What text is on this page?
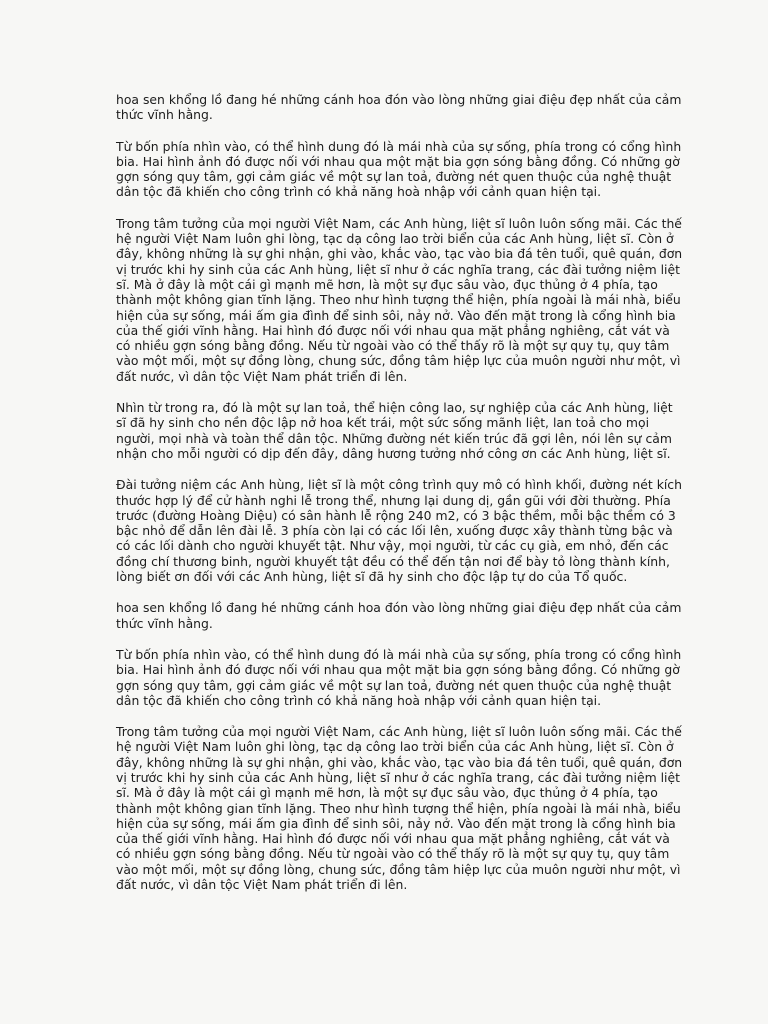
hoa sen khổng lồ đang hé những cánh hoa đón vào lòng những giai điệu đẹp nhất của cảm thức vĩnh hằng.

Từ bốn phía nhìn vào, có thể hình dung đó là mái nhà của sự sống, phía trong có cổng hình bia. Hai hình ảnh đó được nối với nhau qua một mặt bia gợn sóng bằng đồng. Có những gờ gợn sóng quy tâm, gợi cảm giác về một sự lan toả, đường nét quen thuộc của nghệ thuật dân tộc đã khiến cho công trình có khả năng hoà nhập với cảnh quan hiện tại.

Trong tâm tưởng của mọi người Việt Nam, các Anh hùng, liệt sĩ luôn luôn sống mãi. Các thế hệ người Việt Nam luôn ghi lòng, tạc dạ công lao trời biển của các Anh hùng, liệt sĩ. Còn ở đây, không những là sự ghi nhận, ghi vào, khắc vào, tạc vào bia đá tên tuổi, quê quán, đơn vị trước khi hy sinh của các Anh hùng, liệt sĩ như ở các nghĩa trang, các đài tưởng niệm liệt sĩ. Mà ở đây là một cái gì mạnh mẽ hơn, là một sự đục sâu vào, đục thủng ở 4 phía, tạo thành một không gian tĩnh lặng. Theo như hình tượng thể hiện, phía ngoài là mái nhà, biểu hiện của sự sống, mái ấm gia đình để sinh sôi, nảy nở. Vào đến mặt trong là cổng hình bia của thế giới vĩnh hằng. Hai hình đó được nối với nhau qua mặt phẳng nghiêng, cắt vát và có nhiều gợn sóng bằng đồng. Nếu từ ngoài vào có thể thấy rõ là một sự quy tụ, quy tâm vào một mối, một sự đồng lòng, chung sức, đồng tâm hiệp lực của muôn người như một, vì đất nước, vì dân tộc Việt Nam phát triển đi lên.

Nhìn từ trong ra, đó là một sự lan toả, thể hiện công lao, sự nghiệp của các Anh hùng, liệt sĩ đã hy sinh cho nền độc lập nở hoa kết trái, một sức sống mãnh liệt, lan toả cho mọi người, mọi nhà và toàn thể dân tộc. Những đường nét kiến trúc đã gợi lên, nói lên sự cảm nhận cho mỗi người có dịp đến đây, dâng hương tưởng nhớ công ơn các Anh hùng, liệt sĩ.

Đài tưởng niệm các Anh hùng, liệt sĩ là một công trình quy mô có hình khối, đường nét kích thước hợp lý để cử hành nghi lễ trong thể, nhưng lại dung dị, gần gũi với đời thường. Phía trước (đường Hoàng Diệu) có sân hành lễ rộng 240 m2, có 3 bậc thềm, mỗi bậc thềm có 3 bậc nhỏ để dẫn lên đài lễ. 3 phía còn lại có các lối lên, xuống được xây thành từng bậc và có các lối dành cho người khuyết tật. Như vậy, mọi người, từ các cụ già, em nhỏ, đến các đồng chí thương binh, người khuyết tật đều có thể đến tận nơi để bày tỏ lòng thành kính, lòng biết ơn đối với các Anh hùng, liệt sĩ đã hy sinh cho độc lập tự do của Tổ quốc.

hoa sen khổng lồ đang hé những cánh hoa đón vào lòng những giai điệu đẹp nhất của cảm thức vĩnh hằng.

Từ bốn phía nhìn vào, có thể hình dung đó là mái nhà của sự sống, phía trong có cổng hình bia. Hai hình ảnh đó được nối với nhau qua một mặt bia gợn sóng bằng đồng. Có những gờ gợn sóng quy tâm, gợi cảm giác về một sự lan toả, đường nét quen thuộc của nghệ thuật dân tộc đã khiến cho công trình có khả năng hoà nhập với cảnh quan hiện tại.

Trong tâm tưởng của mọi người Việt Nam, các Anh hùng, liệt sĩ luôn luôn sống mãi. Các thế hệ người Việt Nam luôn ghi lòng, tạc dạ công lao trời biển của các Anh hùng, liệt sĩ. Còn ở đây, không những là sự ghi nhận, ghi vào, khắc vào, tạc vào bia đá tên tuổi, quê quán, đơn vị trước khi hy sinh của các Anh hùng, liệt sĩ như ở các nghĩa trang, các đài tưởng niệm liệt sĩ. Mà ở đây là một cái gì mạnh mẽ hơn, là một sự đục sâu vào, đục thủng ở 4 phía, tạo thành một không gian tĩnh lặng. Theo như hình tượng thể hiện, phía ngoài là mái nhà, biểu hiện của sự sống, mái ấm gia đình để sinh sôi, nảy nở. Vào đến mặt trong là cổng hình bia của thế giới vĩnh hằng. Hai hình đó được nối với nhau qua mặt phẳng nghiêng, cắt vát và có nhiều gợn sóng bằng đồng. Nếu từ ngoài vào có thể thấy rõ là một sự quy tụ, quy tâm vào một mối, một sự đồng lòng, chung sức, đồng tâm hiệp lực của muôn người như một, vì đất nước, vì dân tộc Việt Nam phát triển đi lên.
